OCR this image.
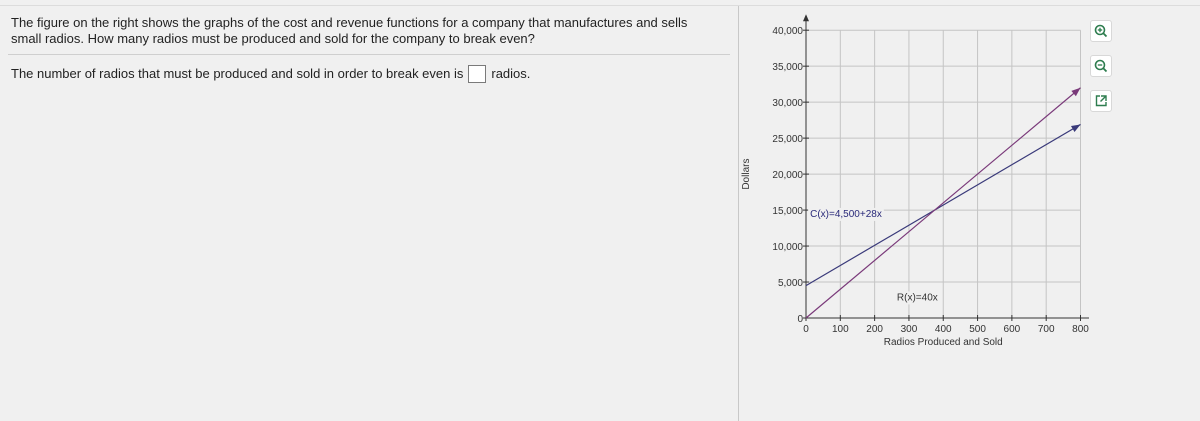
The figure on the right shows the graphs of the cost and revenue functions for a company that manufactures and sells
small radios. How many radios must be produced and sold for the company to break even?
The number of radios that must be produced and sold in order to break even is radios.
0 100 200 300 400 500 600 700 800
0
5,000
10,000
15,000
20,000
25,000
30,000
35,000
40,000
Radios Produced and Sold
Dollars
C(x)=4,500+28x
R(x)=40x
